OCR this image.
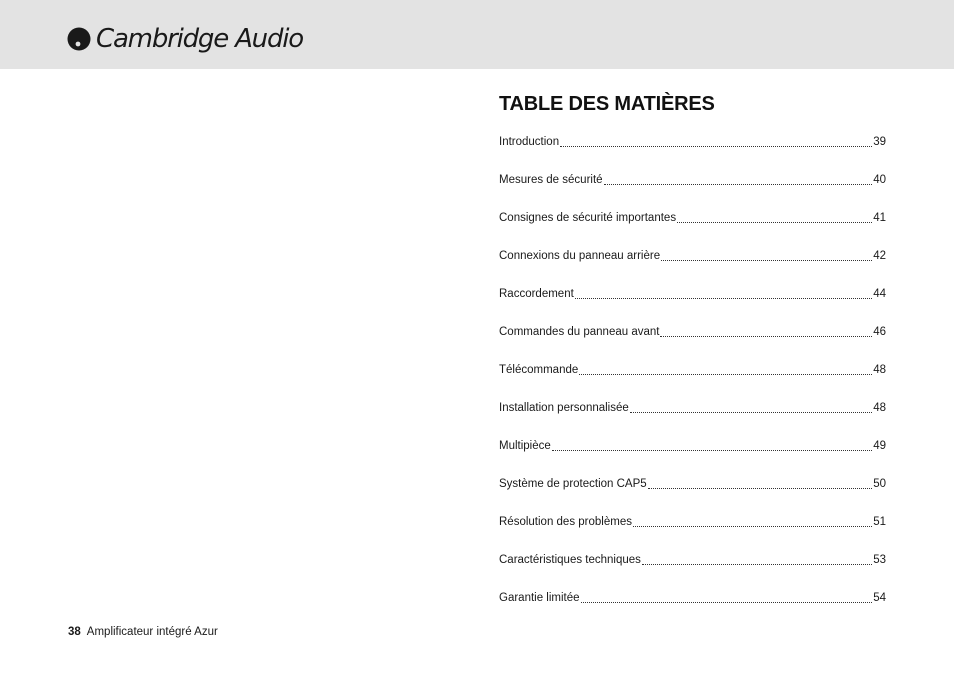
Cambridge Audio
TABLE DES MATIÈRES
Introduction	39
Mesures de sécurité	40
Consignes de sécurité importantes	41
Connexions du panneau arrière	42
Raccordement	44
Commandes du panneau avant	46
Télécommande	48
Installation personnalisée	48
Multipièce	49
Système de protection CAP5	50
Résolution des problèmes	51
Caractéristiques techniques	53
Garantie limitée	54
38 Amplificateur intégré Azur
